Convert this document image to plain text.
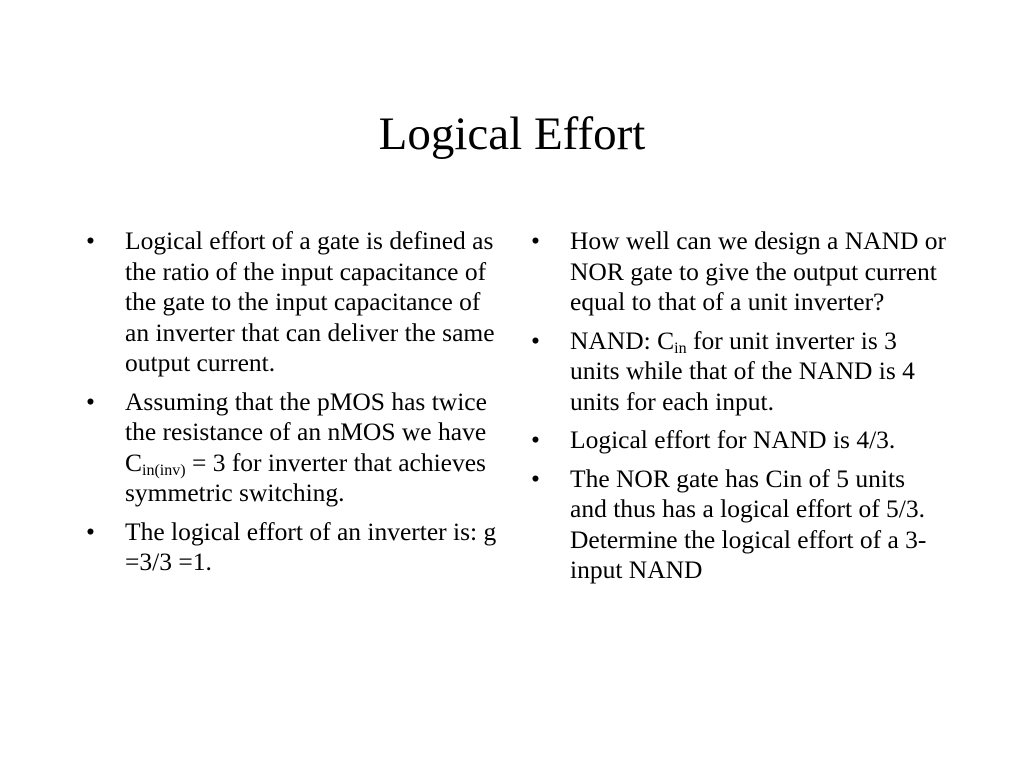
Logical Effort
• Logical effort of a gate is defined as the ratio of the input capacitance of the gate to the input capacitance of an inverter that can deliver the same output current.
• Assuming that the pMOS has twice the resistance of an nMOS we have $C_{in(inv)} = 3$ for inverter that achieves symmetric switching.
• The logical effort of an inverter is: g =3/3 =1.
• How well can we design a NAND or NOR gate to give the output current equal to that of a unit inverter?
• NAND: $C_{in}$ for unit inverter is 3 units while that of the NAND is 4 units for each input.
• Logical effort for NAND is 4/3.
• The NOR gate has Cin of 5 units and thus has a logical effort of 5/3. Determine the logical effort of a 3-input NAND
